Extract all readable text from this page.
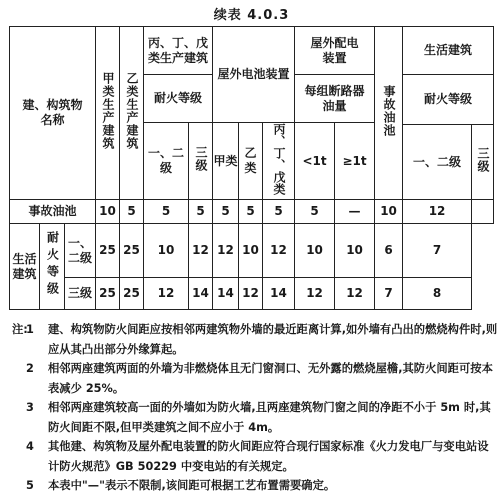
续表 4.0.3
建、构筑物名称			甲类生产建筑	乙类生产建筑	丙、丁、戊类生产建筑		屋外电池装置			屋外配电装置		事故油池	生活建筑	
					耐火等级					每组断路器油量			耐火等级	
					一、二级	三级	甲类	乙类	丙、丁、戊类	<1t	≥1t			
													一、二级	三级
事故油池			10	5	5	5	5	5	5	5	—	10	12	
生活建筑	耐火等级	一、二级	25	25	10	12	12	10	12	10	10	6	7	
		三级	25	25	12	14	14	12	14	12	12	7	8	
注:
1 建、构筑物防火间距应按相邻两建筑物外墙的最近距离计算,如外墙有凸出的燃烧构件时,则应从其凸出部分外缘算起。
2 相邻两座建筑两面的外墙为非燃烧体且无门窗洞口、无外露的燃烧屋檐,其防火间距可按本表减少 25%。
3 相邻两座建筑较高一面的外墙如为防火墙,且两座建筑物门窗之间的净距不小于 5m 时,其防火间距不限,但甲类建筑之间不应小于 4m。
4 其他建、构筑物及屋外配电装置的防火间距应符合现行国家标准《火力发电厂与变电站设计防火规范》GB 50229 中变电站的有关规定。
5 本表中"—"表示不限制,该间距可根据工艺布置需要确定。
